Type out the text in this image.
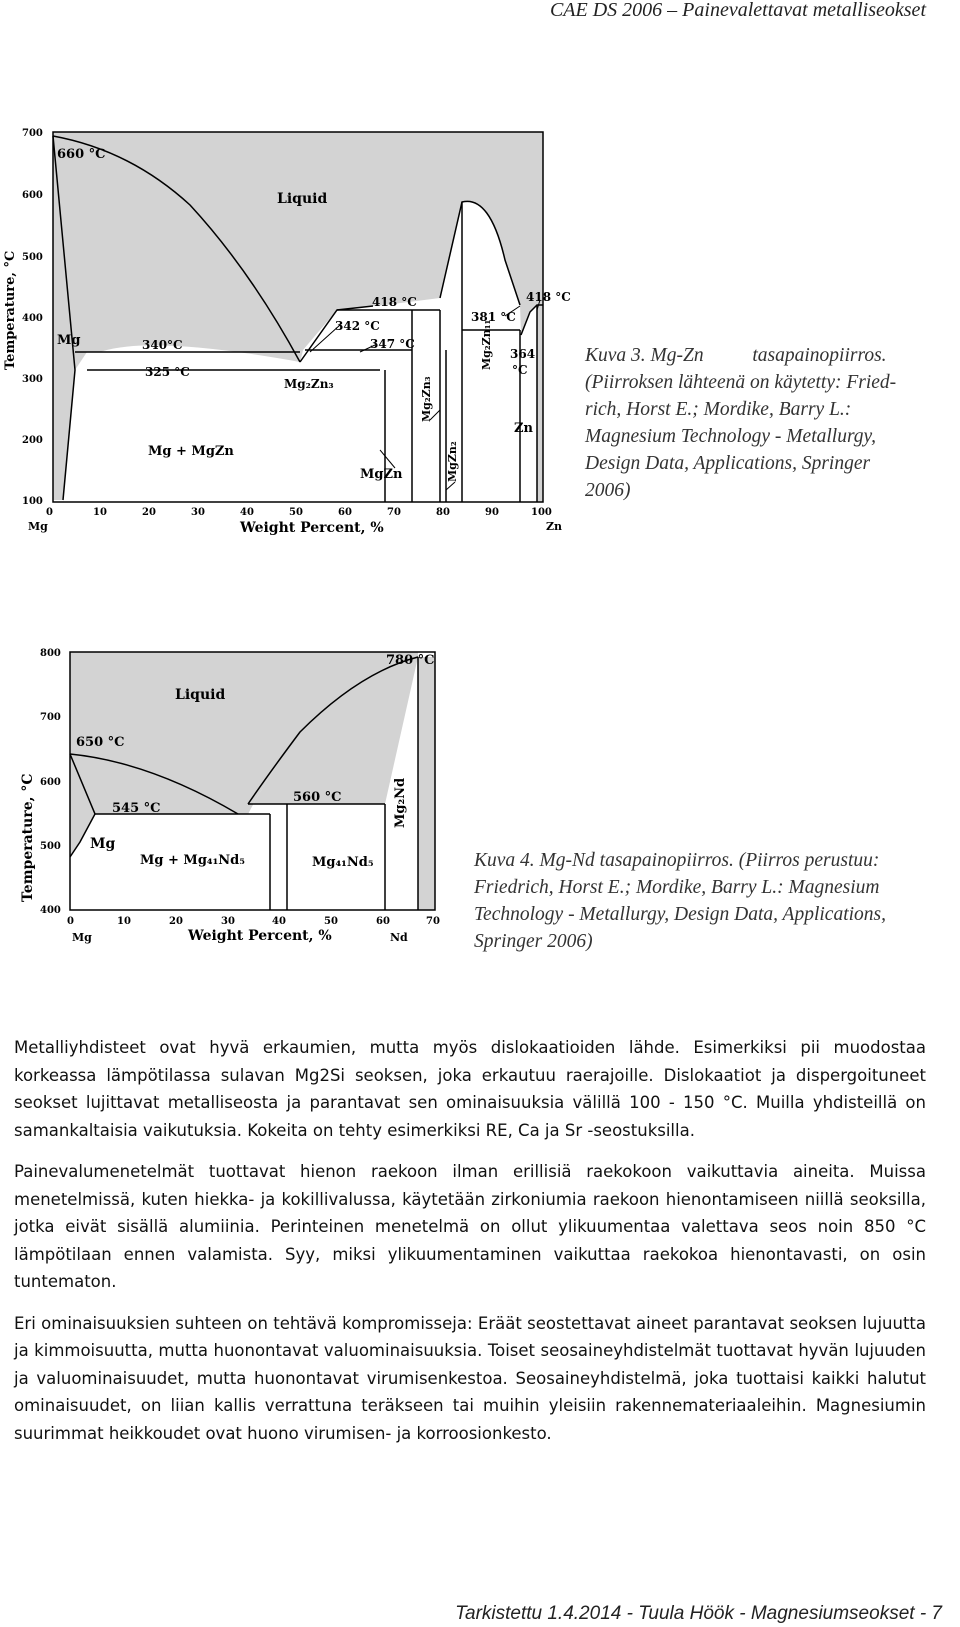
CAE DS 2006 – Painevalettavat metalliseokset
700
600
500
400
300
200
100
0	10	20	30	40	50	60	70	80	90	100
Mg	Zn
Weight Percent, %
Temperature, °C
660 °C
Liquid
418 °C	418 °C
342 °C
347 °C
381 °C
340°C
325 °C
364
°C
Mg
Mg + MgZn
Mg₂Zn₃
MgZn
Mg₂Zn₃
MgZn₂
Mg₂Zn₁₁
Zn
Kuva 3. Mg-Zn          tasapainopiirros.
(Piirroksen lähteenä on käytetty: Fried-
rich, Horst E.; Mordike, Barry L.:
Magnesium Technology - Metallurgy,
Design Data, Applications, Springer
2006)
800
700
600
500
400
0	10	20	30	40	50	60	70
Mg	Nd
Weight Percent, %
Temperature, °C
780 °C
Liquid
650 °C
545 °C
560 °C
Mg
Mg + Mg₄₁Nd₅	Mg₄₁Nd₅
Mg₂Nd
Kuva 4. Mg-Nd tasapainopiirros. (Piirros perustuu:
Friedrich, Horst E.; Mordike, Barry L.: Magnesium
Technology - Metallurgy, Design Data, Applications,
Springer 2006)

Metalliyhdisteet ovat hyvä erkaumien, mutta myös dislokaatioiden lähde. Esimerkiksi pii muodostaa korkeassa lämpötilassa sulavan Mg2Si seoksen, joka erkautuu raerajoille. Dislokaatiot ja dispergoituneet seokset lujittavat metalliseosta ja parantavat sen ominaisuuksia välillä 100 - 150 °C. Muilla yhdisteillä on samankaltaisia vaikutuksia. Kokeita on tehty esimerkiksi RE, Ca ja Sr -seostuksilla.

Painevalumenetelmät tuottavat hienon raekoon ilman erillisiä raekokoon vaikuttavia aineita. Muissa menetelmissä, kuten hiekka- ja kokillivalussa, käytetään zirkoniumia raekoon hienontamiseen niillä seoksilla, jotka eivät sisällä alumiinia. Perinteinen menetelmä on ollut ylikuumentaa valettava seos noin 850 °C lämpötilaan ennen valamista. Syy, miksi ylikuumentaminen vaikuttaa raekokoa hienontavasti, on osin tuntematon.

Eri ominaisuuksien suhteen on tehtävä kompromisseja: Eräät seostettavat aineet parantavat seoksen lujuutta ja kimmoisuutta, mutta huonontavat valuominaisuuksia. Toiset seosaineyhdistelmät tuottavat hyvän lujuuden ja valuominaisuudet, mutta huonontavat virumisenkestoa. Seosaineyhdistelmä, joka tuottaisi kaikki halutut ominaisuudet, on liian kallis verrattuna teräkseen tai muihin yleisiin rakennemateriaaleihin. Magnesiumin suurimmat heikkoudet ovat huono virumisen- ja korroosionkesto.

Tarkistettu 1.4.2014 - Tuula Höök - Magnesiumseokset - 7
